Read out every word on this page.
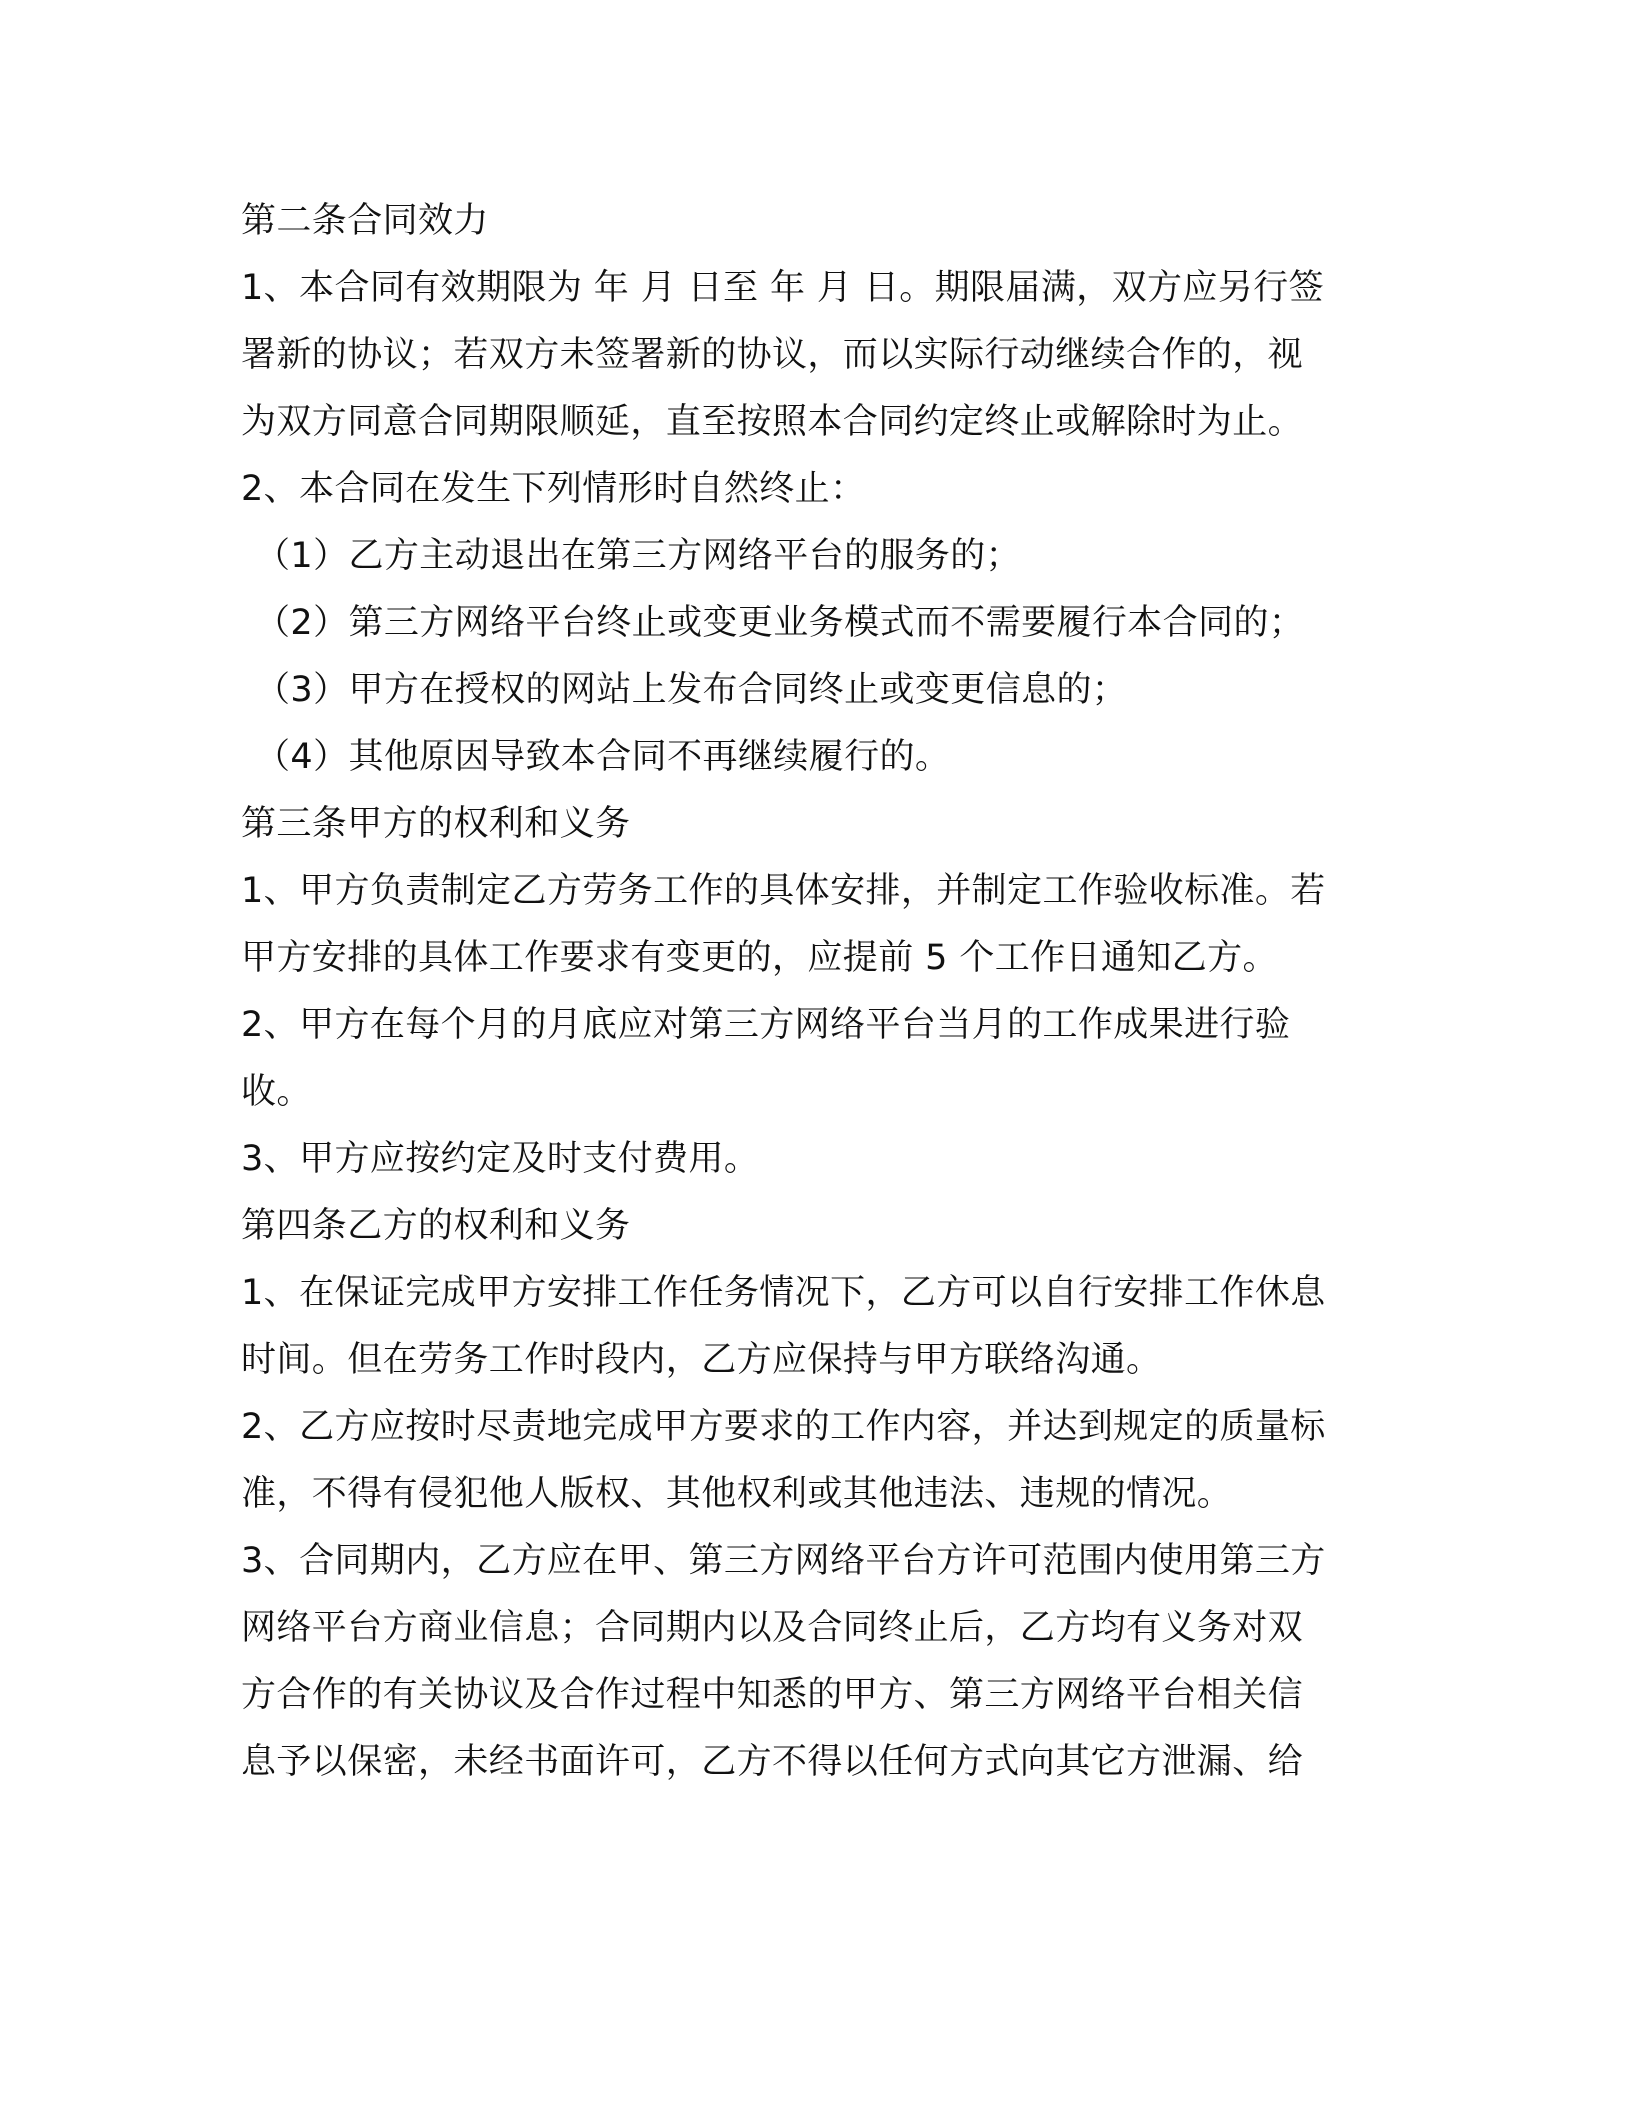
第二条合同效力

1、本合同有效期限为 年 月 日至 年 月 日。期限届满，双方应另行签

署新的协议；若双方未签署新的协议，而以实际行动继续合作的，视

为双方同意合同期限顺延，直至按照本合同约定终止或解除时为止。

2、本合同在发生下列情形时自然终止：

（1）乙方主动退出在第三方网络平台的服务的；

（2）第三方网络平台终止或变更业务模式而不需要履行本合同的；

（3）甲方在授权的网站上发布合同终止或变更信息的；

（4）其他原因导致本合同不再继续履行的。

第三条甲方的权利和义务

1、甲方负责制定乙方劳务工作的具体安排，并制定工作验收标准。若

甲方安排的具体工作要求有变更的，应提前 5 个工作日通知乙方。

2、甲方在每个月的月底应对第三方网络平台当月的工作成果进行验

收。

3、甲方应按约定及时支付费用。

第四条乙方的权利和义务

1、在保证完成甲方安排工作任务情况下，乙方可以自行安排工作休息

时间。但在劳务工作时段内，乙方应保持与甲方联络沟通。

2、乙方应按时尽责地完成甲方要求的工作内容，并达到规定的质量标

准，不得有侵犯他人版权、其他权利或其他违法、违规的情况。

3、合同期内，乙方应在甲、第三方网络平台方许可范围内使用第三方

网络平台方商业信息；合同期内以及合同终止后，乙方均有义务对双

方合作的有关协议及合作过程中知悉的甲方、第三方网络平台相关信

息予以保密，未经书面许可，乙方不得以任何方式向其它方泄漏、给
